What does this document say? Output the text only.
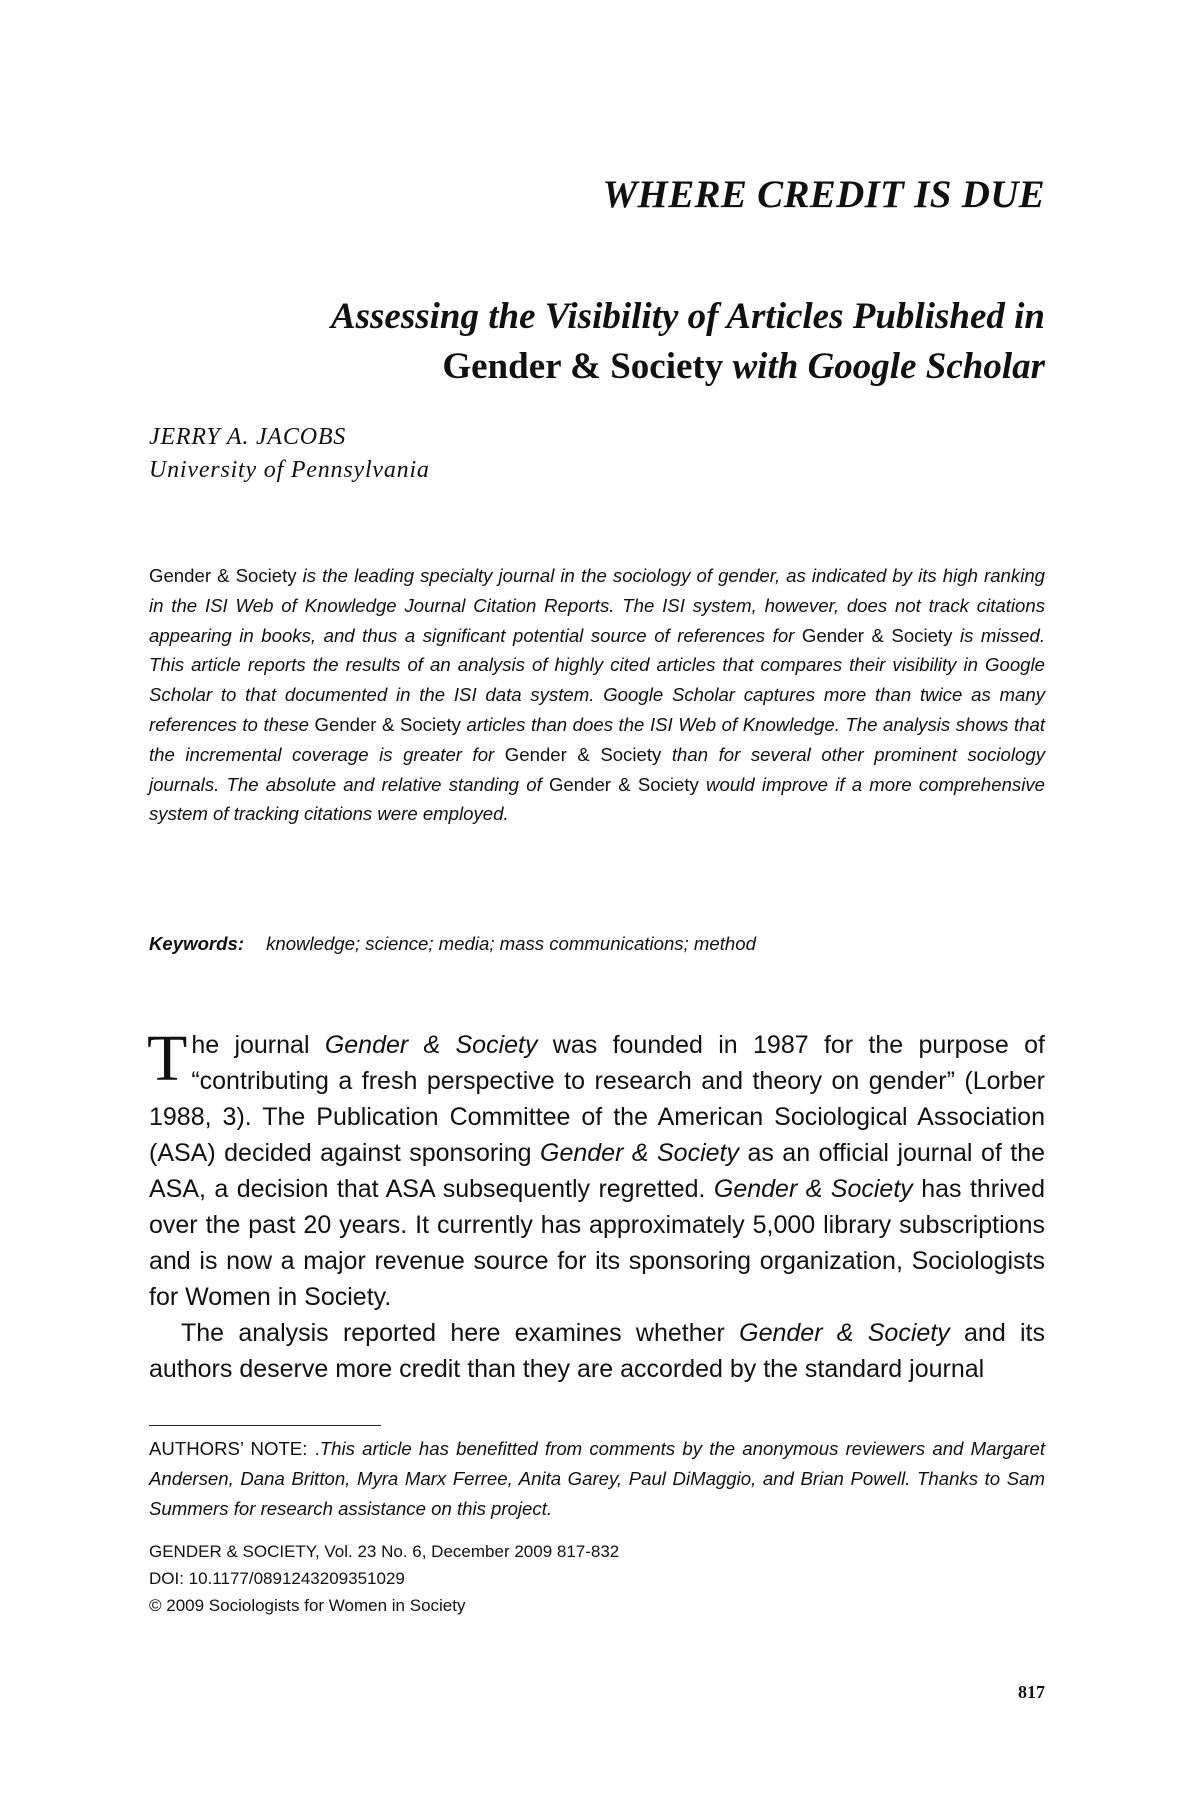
WHERE CREDIT IS DUE
Assessing the Visibility of Articles Published in
Gender & Society with Google Scholar
JERRY A. JACOBS
University of Pennsylvania

Gender & Society is the leading specialty journal in the sociology of gender, as indicated by its high ranking in the ISI Web of Knowledge Journal Citation Reports. The ISI system, however, does not track citations appearing in books, and thus a significant potential source of references for Gender & Society is missed. This article reports the results of an analysis of highly cited articles that compares their visibility in Google Scholar to that documented in the ISI data system. Google Scholar captures more than twice as many references to these Gender & Society articles than does the ISI Web of Knowledge. The analysis shows that the incremental coverage is greater for Gender & Society than for several other prominent sociology journals. The absolute and relative standing of Gender & Society would improve if a more comprehensive system of tracking citations were employed.

Keywords: knowledge; science; media; mass communications; method

The journal Gender & Society was founded in 1987 for the purpose of “contributing a fresh perspective to research and theory on gender” (Lorber 1988, 3). The Publication Committee of the American Sociological Association (ASA) decided against sponsoring Gender & Society as an official journal of the ASA, a decision that ASA subsequently regretted. Gender & Society has thrived over the past 20 years. It currently has approximately 5,000 library subscriptions and is now a major revenue source for its sponsoring organization, Sociologists for Women in Society.

The analysis reported here examines whether Gender & Society and its authors deserve more credit than they are accorded by the standard journal

AUTHORS’ NOTE: .This article has benefitted from comments by the anonymous reviewers and Margaret Andersen, Dana Britton, Myra Marx Ferree, Anita Garey, Paul DiMaggio, and Brian Powell. Thanks to Sam Summers for research assistance on this project.

GENDER & SOCIETY, Vol. 23 No. 6, December 2009 817-832
DOI: 10.1177/0891243209351029
© 2009 Sociologists for Women in Society
817
